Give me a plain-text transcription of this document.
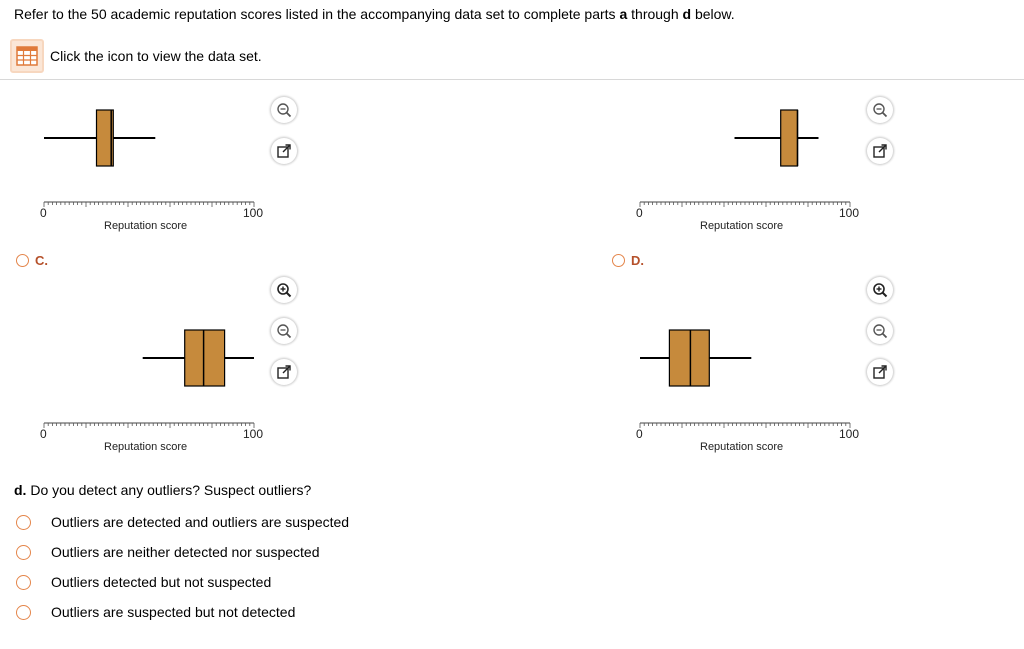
Refer to the 50 academic reputation scores listed in the accompanying data set to complete parts a through d below.
Click the icon to view the data set.
0	100
Reputation score
0	100
Reputation score
C.
0	100
Reputation score
D.
0	100
Reputation score
d. Do you detect any outliers? Suspect outliers?
Outliers are detected and outliers are suspected
Outliers are neither detected nor suspected
Outliers detected but not suspected
Outliers are suspected but not detected
